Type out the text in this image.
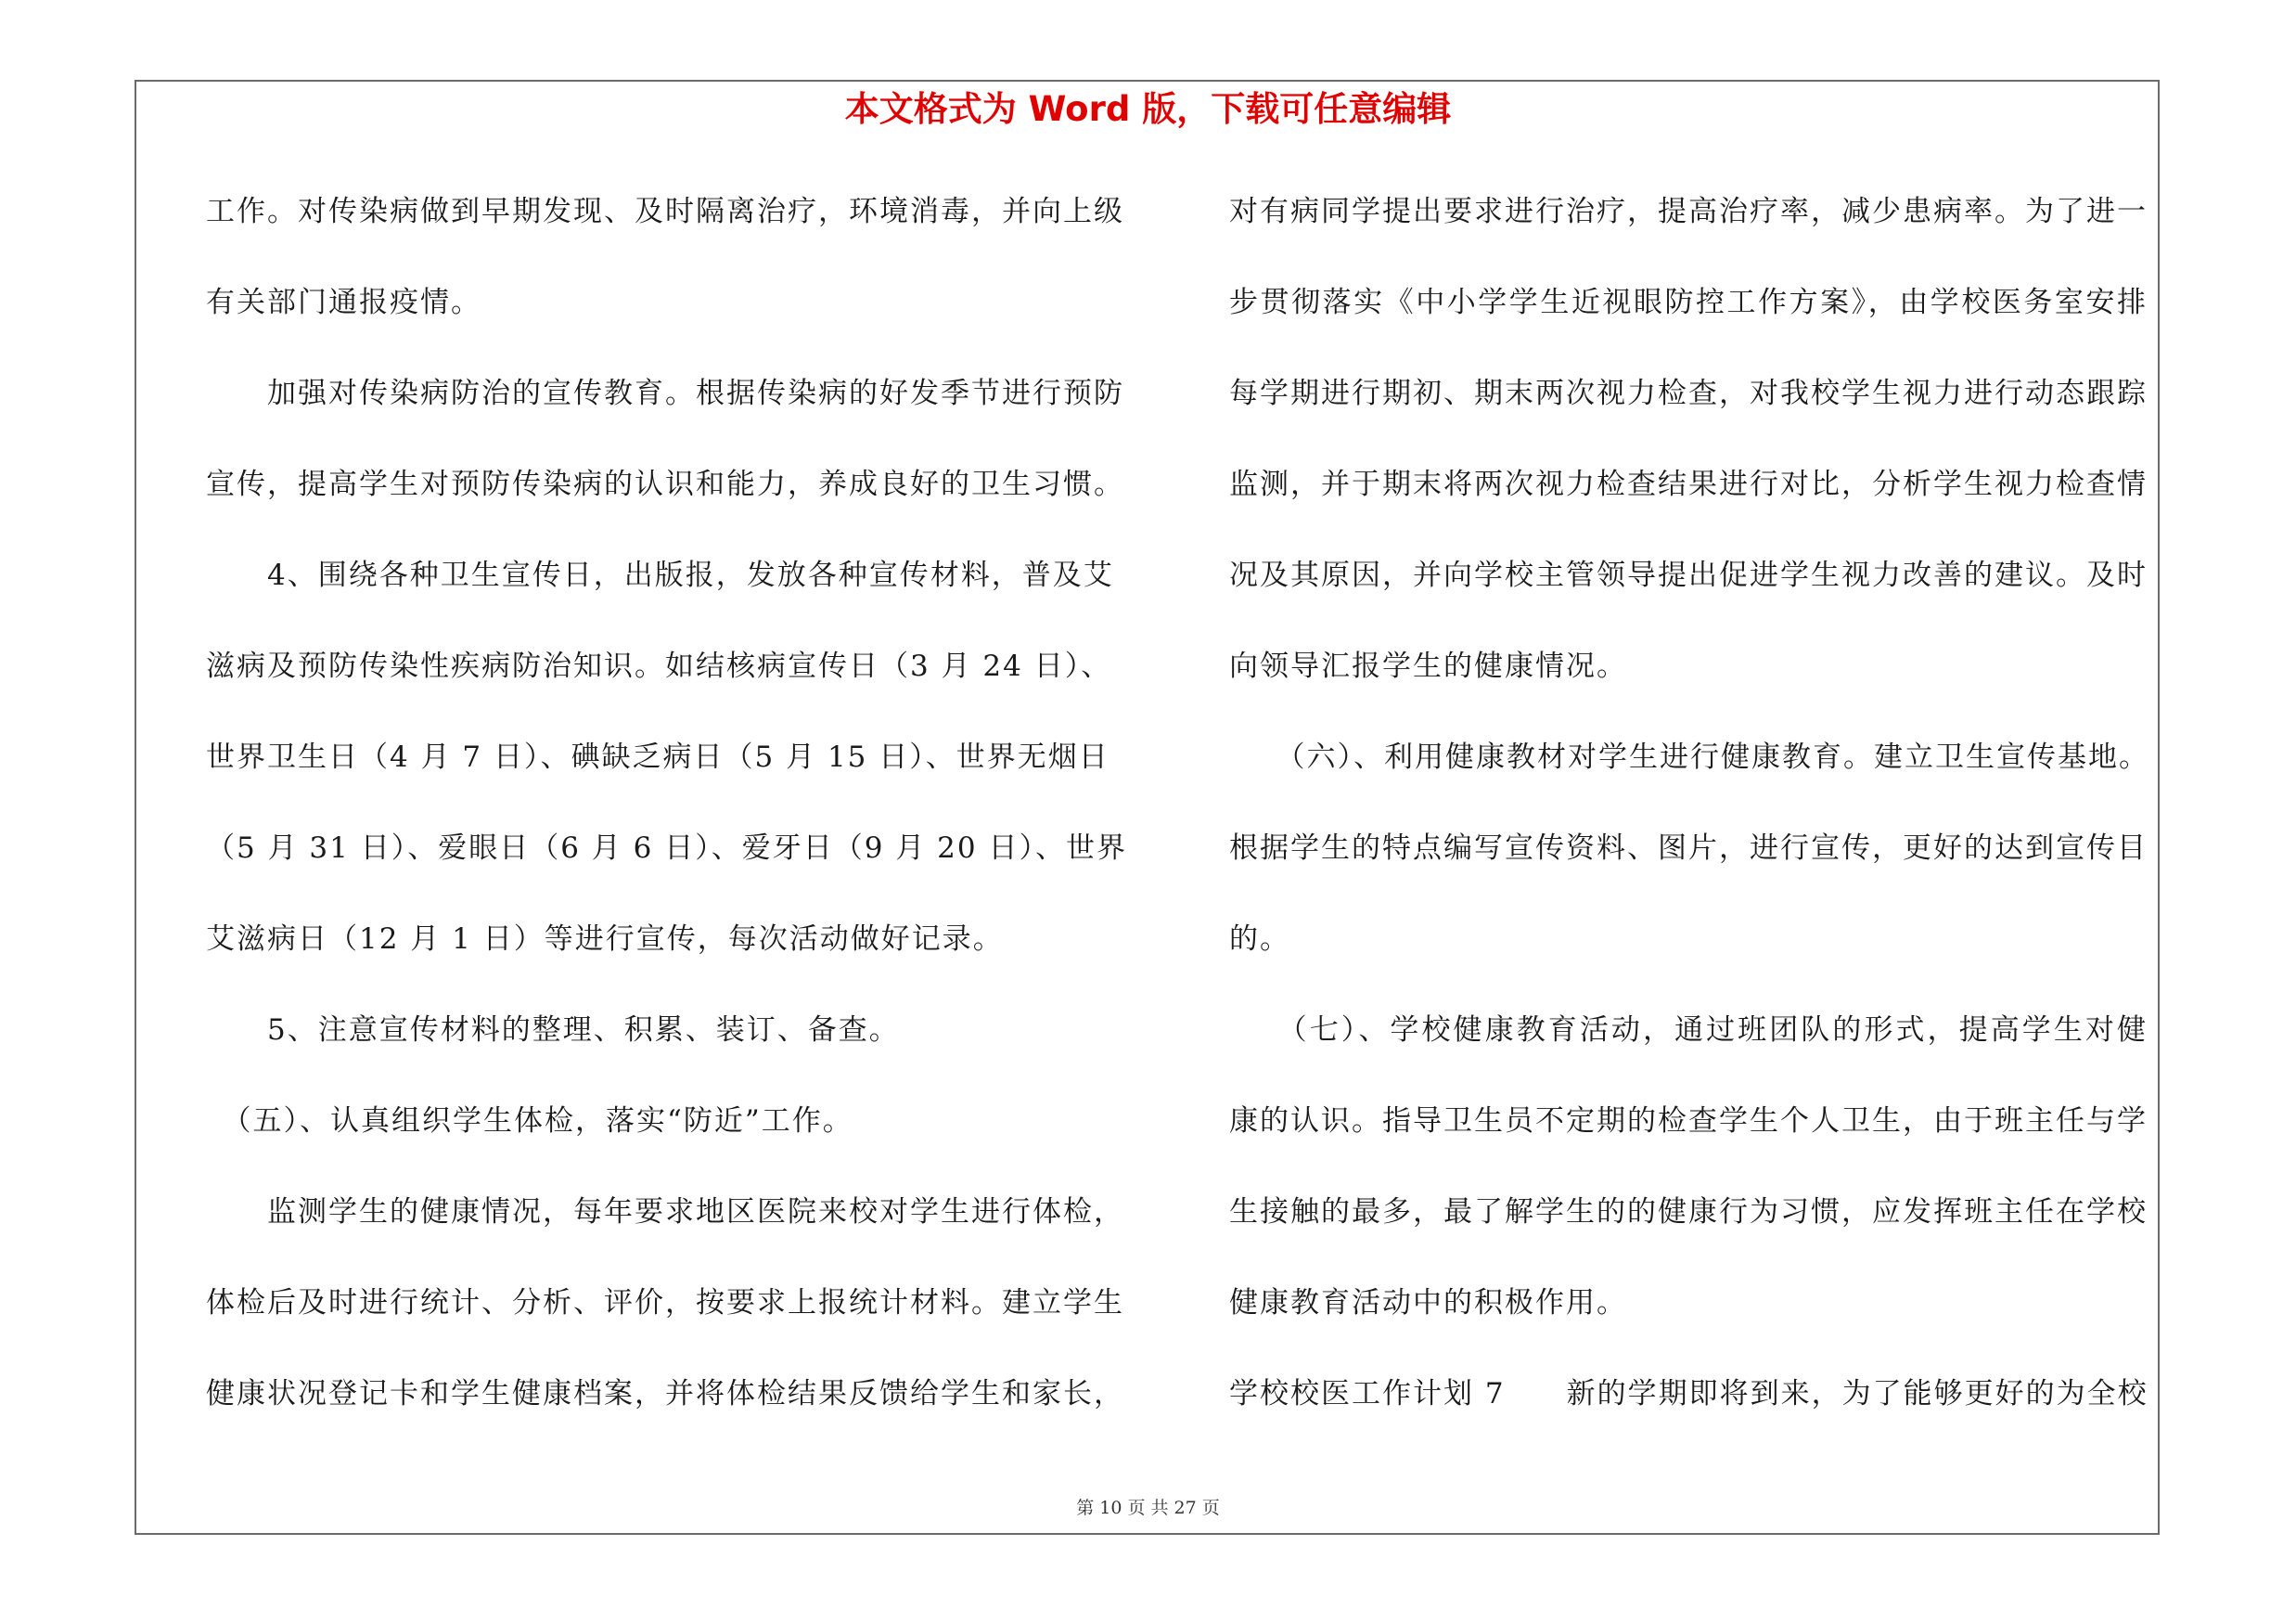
本文格式为 Word 版，下载可任意编辑
工作。对传染病做到早期发现、及时隔离治疗，环境消毒，并向上级
有关部门通报疫情。
　　加强对传染病防治的宣传教育。根据传染病的好发季节进行预防
宣传，提高学生对预防传染病的认识和能力，养成良好的卫生习惯。
　　4、围绕各种卫生宣传日，出版报，发放各种宣传材料，普及艾
滋病及预防传染性疾病防治知识。如结核病宣传日（3 月 24 日）、
世界卫生日（4 月 7 日）、碘缺乏病日（5 月 15 日）、世界无烟日
（5 月 31 日）、爱眼日（6 月 6 日）、爱牙日（9 月 20 日）、世界
艾滋病日（12 月 1 日）等进行宣传，每次活动做好记录。
　　5、注意宣传材料的整理、积累、装订、备查。
　（五）、认真组织学生体检，落实“防近”工作。
　　监测学生的健康情况，每年要求地区医院来校对学生进行体检，
体检后及时进行统计、分析、评价，按要求上报统计材料。建立学生
健康状况登记卡和学生健康档案，并将体检结果反馈给学生和家长，
对有病同学提出要求进行治疗，提高治疗率，减少患病率。为了进一
步贯彻落实《中小学学生近视眼防控工作方案》，由学校医务室安排
每学期进行期初、期末两次视力检查，对我校学生视力进行动态跟踪
监测，并于期末将两次视力检查结果进行对比，分析学生视力检查情
况及其原因，并向学校主管领导提出促进学生视力改善的建议。及时
向领导汇报学生的健康情况。
　　（六）、利用健康教材对学生进行健康教育。建立卫生宣传基地。
根据学生的特点编写宣传资料、图片，进行宣传，更好的达到宣传目
的。
　　（七）、学校健康教育活动，通过班团队的形式，提高学生对健
康的认识。指导卫生员不定期的检查学生个人卫生，由于班主任与学
生接触的最多，最了解学生的的健康行为习惯，应发挥班主任在学校
健康教育活动中的积极作用。
学校校医工作计划 7　　新的学期即将到来，为了能够更好的为全校
第 10 页 共 27 页
